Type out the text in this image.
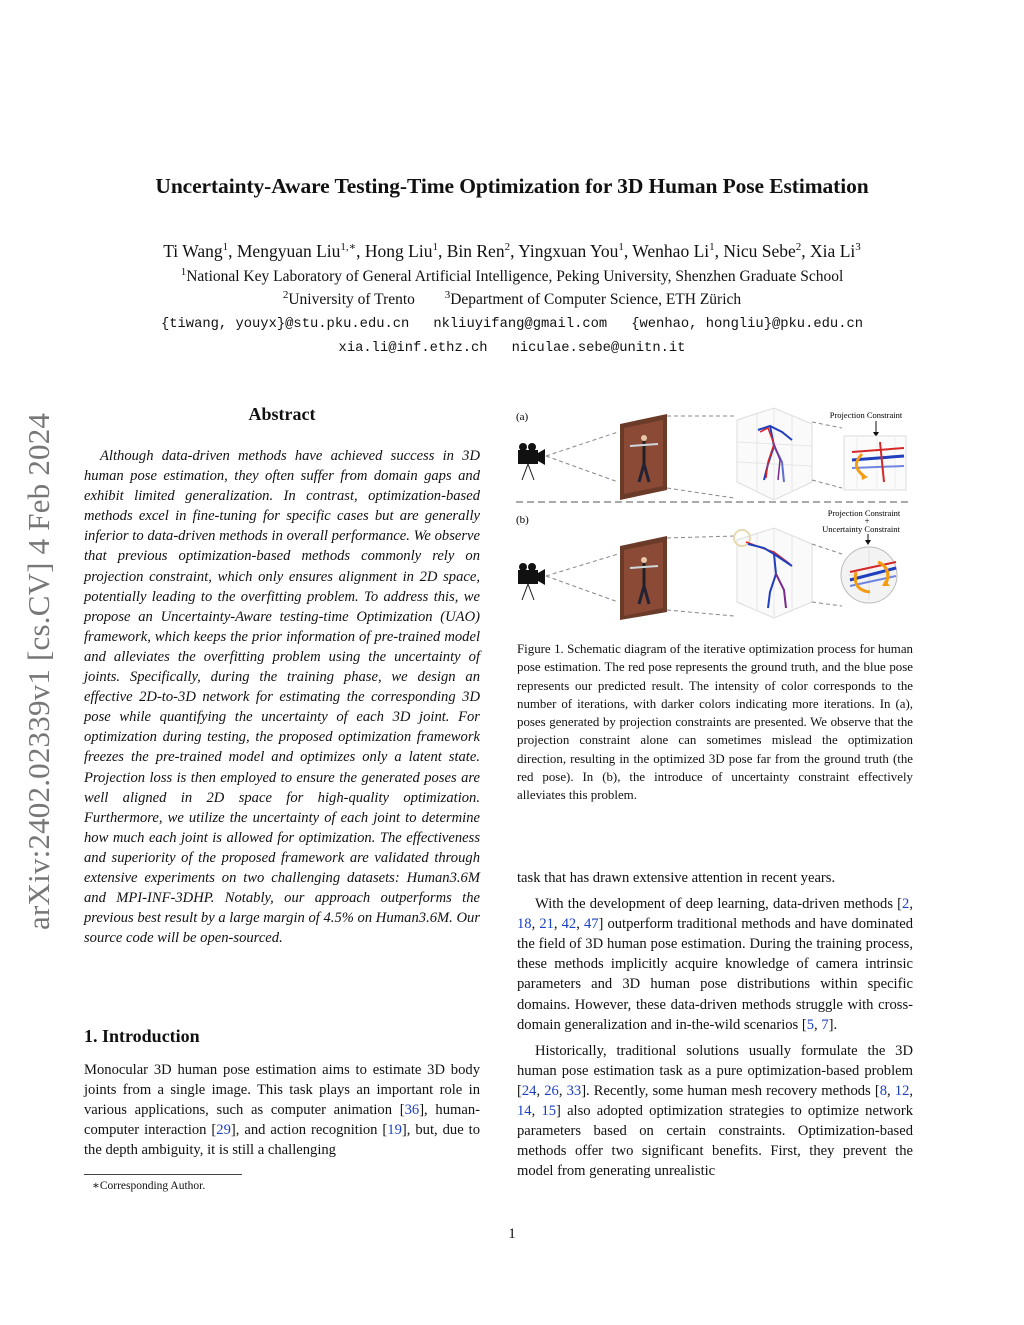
arXiv:2402.02339v1 [cs.CV] 4 Feb 2024
Uncertainty-Aware Testing-Time Optimization for 3D Human Pose Estimation
Ti Wang$^1$, Mengyuan Liu$^{1,∗}$, Hong Liu$^1$, Bin Ren$^2$, Yingxuan You$^1$, Wenhao Li$^1$, Nicu Sebe$^2$, Xia Li$^3$
$^1$National Key Laboratory of General Artificial Intelligence, Peking University, Shenzhen Graduate School
$^2$University of Trento	$^3$Department of Computer Science, ETH Zürich
{tiwang, youyx}@stu.pku.edu.cn nkliuyifang@gmail.com {wenhao, hongliu}@pku.edu.cn
xia.li@inf.ethz.ch niculae.sebe@unitn.it
Abstract
Although data-driven methods have achieved success in 3D human pose estimation, they often suffer from domain gaps and exhibit limited generalization. In contrast, optimization-based methods excel in fine-tuning for specific cases but are generally inferior to data-driven methods in overall performance. We observe that previous optimization-based methods commonly rely on projection constraint, which only ensures alignment in 2D space, potentially leading to the overfitting problem. To address this, we propose an Uncertainty-Aware testing-time Optimization (UAO) framework, which keeps the prior information of pre-trained model and alleviates the overfitting problem using the uncertainty of joints. Specifically, during the training phase, we design an effective 2D-to-3D network for estimating the corresponding 3D pose while quantifying the uncertainty of each 3D joint. For optimization during testing, the proposed optimization framework freezes the pre-trained model and optimizes only a latent state. Projection loss is then employed to ensure the generated poses are well aligned in 2D space for high-quality optimization. Furthermore, we utilize the uncertainty of each joint to determine how much each joint is allowed for optimization. The effectiveness and superiority of the proposed framework are validated through extensive experiments on two challenging datasets: Human3.6M and MPI-INF-3DHP. Notably, our approach outperforms the previous best result by a large margin of 4.5% on Human3.6M. Our source code will be open-sourced.
1. Introduction
Monocular 3D human pose estimation aims to estimate 3D body joints from a single image. This task plays an important role in various applications, such as computer animation [36], human-computer interaction [29], and action recognition [19], but, due to the depth ambiguity, it is still a challenging
∗Corresponding Author.
(a)
(b)
Projection Constraint
Projection Constraint
+
Uncertainty Constraint
Figure 1. Schematic diagram of the iterative optimization process for human pose estimation. The red pose represents the ground truth, and the blue pose represents our predicted result. The intensity of color corresponds to the number of iterations, with darker colors indicating more iterations. In (a), poses generated by projection constraints are presented. We observe that the projection constraint alone can sometimes mislead the optimization direction, resulting in the optimized 3D pose far from the ground truth (the red pose). In (b), the introduce of uncertainty constraint effectively alleviates this problem.

task that has drawn extensive attention in recent years.

With the development of deep learning, data-driven methods [2, 18, 21, 42, 47] outperform traditional methods and have dominated the field of 3D human pose estimation. During the training process, these methods implicitly acquire knowledge of camera intrinsic parameters and 3D human pose distributions within specific domains. However, these data-driven methods struggle with cross-domain generalization and in-the-wild scenarios [5, 7].

Historically, traditional solutions usually formulate the 3D human pose estimation task as a pure optimization-based problem [24, 26, 33]. Recently, some human mesh recovery methods [8, 12, 14, 15] also adopted optimization strategies to optimize network parameters based on certain constraints. Optimization-based methods offer two significant benefits. First, they prevent the model from generating unrealistic

1
